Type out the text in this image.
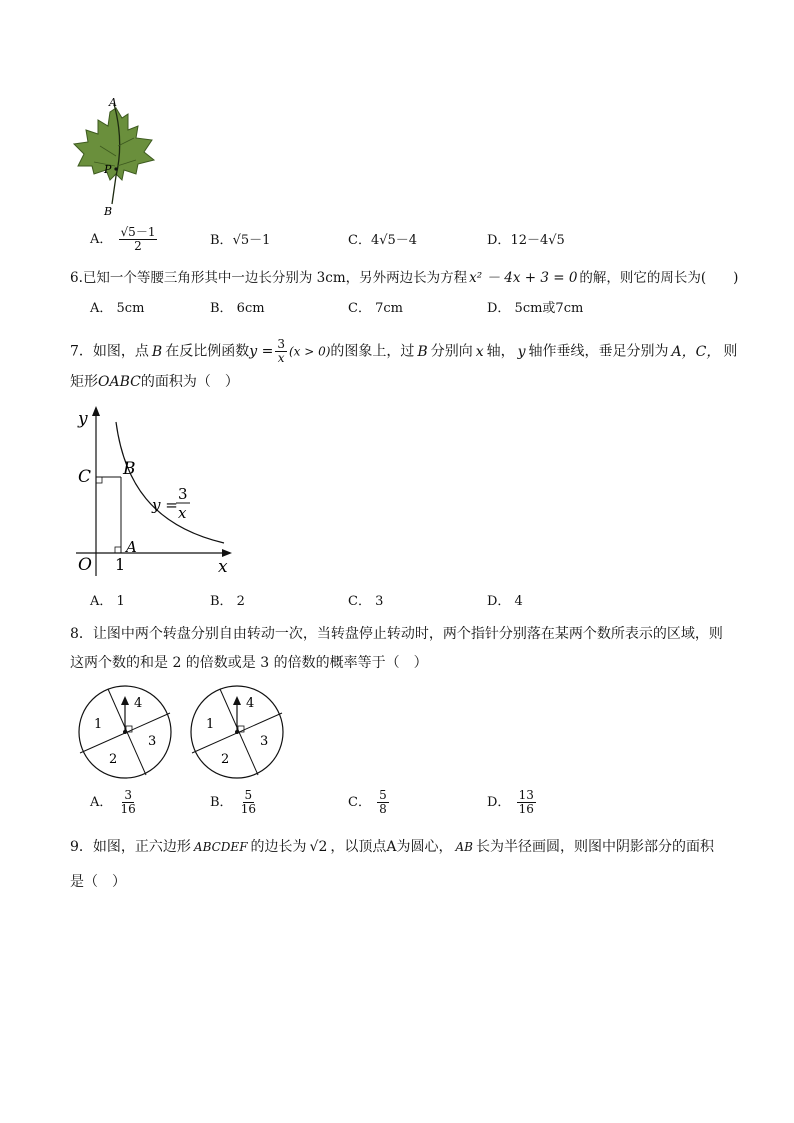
A
P
B
A． $\frac{√5-1}{2}$	B．√5－1	C．4√5－4	D．12－4√5
6.已知一个等腰三角形其中一边长分别为 3cm，另外两边长为方程 x² － 4x + 3 = 0 的解，则它的周长为(　　)
A． 5cm	B． 6cm	C． 7cm	D． 5cm或7cm
7．如图，点 B 在反比例函数$y = \frac{3}{x} (x > 0)$的图象上，过 B 分别向 x 轴， y 轴作垂线，垂足分别为 A，C， 则
矩形OABC的面积为（　）
y
x
O
C B
A
1
y =
3
x
A． 1	B． 2	C． 3	D． 4
8．让图中两个转盘分别自由转动一次，当转盘停止转动时，两个指针分别落在某两个数所表示的区域，则
这两个数的和是 2 的倍数或是 3 的倍数的概率等于（　）
1
4
3
2
1
4
3
2
A． $\frac{3}{16}$	B． $\frac{5}{16}$	C． $\frac{5}{8}$	D． $\frac{13}{16}$
9．如图，正六边形 ABCDEF 的边长为 √2 ，以顶点A为圆心， AB 长为半径画圆，则图中阴影部分的面积
是（　）
